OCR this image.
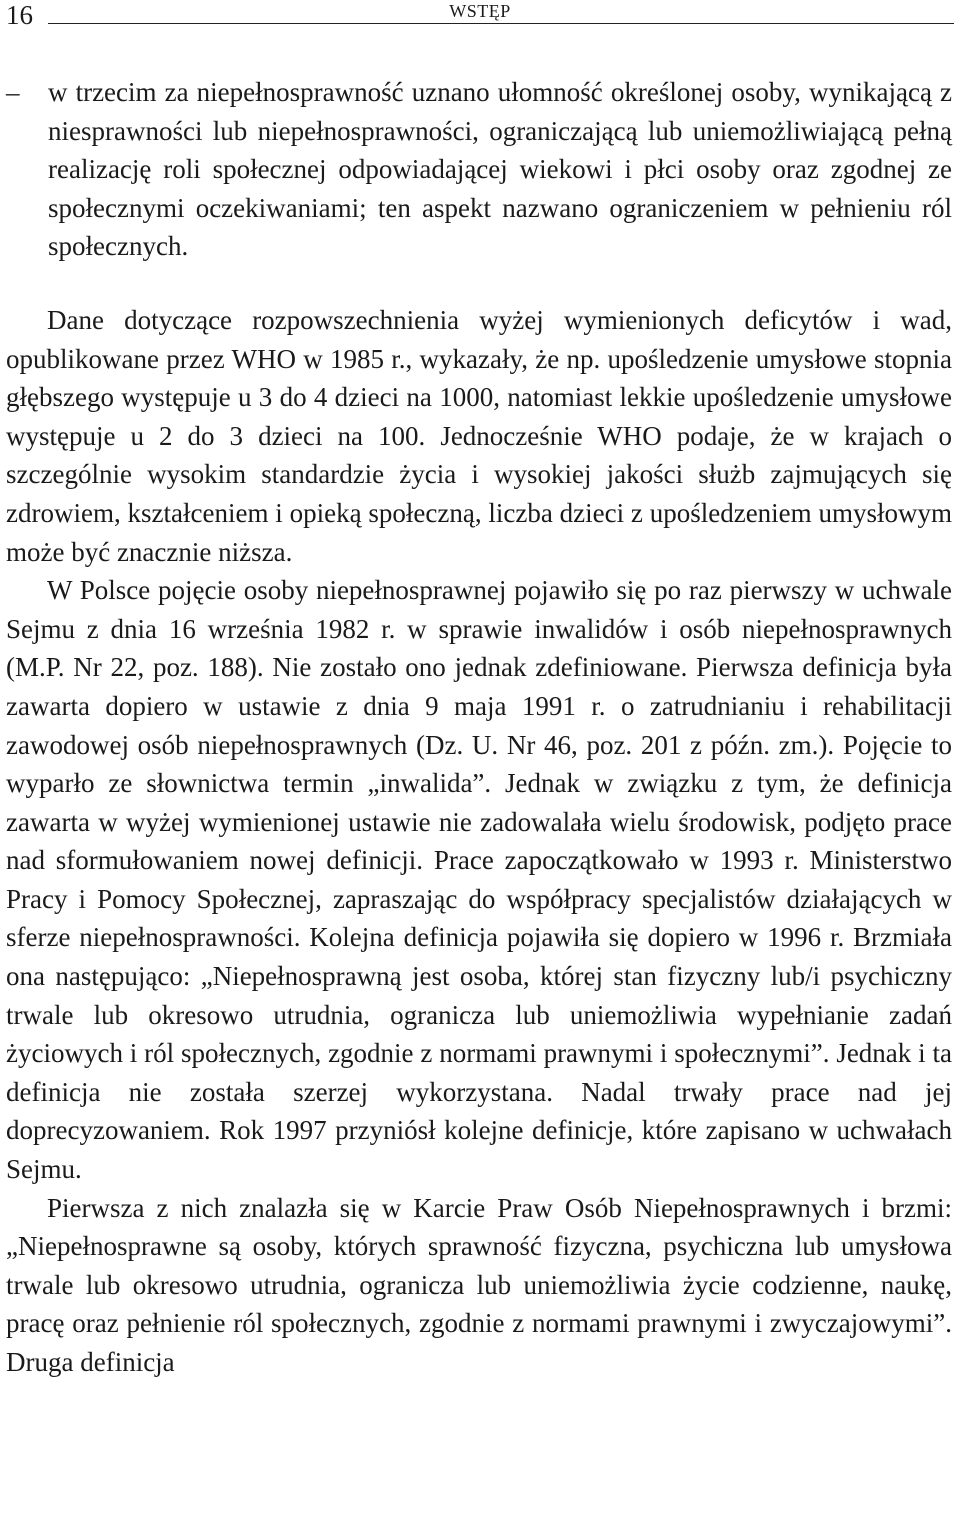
16	WSTĘP

– w trzecim za niepełnosprawność uznano ułomność określonej osoby, wynikającą z niesprawności lub niepełnosprawności, ograniczającą lub uniemożliwiającą pełną realizację roli społecznej odpowiadającej wiekowi i płci osoby oraz zgodnej ze społecznymi oczekiwaniami; ten aspekt nazwano ograniczeniem w pełnieniu ról społecznych.

Dane dotyczące rozpowszechnienia wyżej wymienionych deficytów i wad, opublikowane przez WHO w 1985 r., wykazały, że np. upośledzenie umysłowe stopnia głębszego występuje u 3 do 4 dzieci na 1000, natomiast lekkie upośledzenie umysłowe występuje u 2 do 3 dzieci na 100. Jednocześnie WHO podaje, że w krajach o szczególnie wysokim standardzie życia i wysokiej jakości służb zajmujących się zdrowiem, kształceniem i opieką społeczną, liczba dzieci z upośledzeniem umysłowym może być znacznie niższa.

W Polsce pojęcie osoby niepełnosprawnej pojawiło się po raz pierwszy w uchwale Sejmu z dnia 16 września 1982 r. w sprawie inwalidów i osób niepełnosprawnych (M.P. Nr 22, poz. 188). Nie zostało ono jednak zdefiniowane. Pierwsza definicja była zawarta dopiero w ustawie z dnia 9 maja 1991 r. o zatrudnianiu i rehabilitacji zawodowej osób niepełnosprawnych (Dz. U. Nr 46, poz. 201 z późn. zm.). Pojęcie to wyparło ze słownictwa termin „inwalida”. Jednak w związku z tym, że definicja zawarta w wyżej wymienionej ustawie nie zadowalała wielu środowisk, podjęto prace nad sformułowaniem nowej definicji. Prace zapoczątkowało w 1993 r. Ministerstwo Pracy i Pomocy Społecznej, zapraszając do współpracy specjalistów działających w sferze niepełnosprawności. Kolejna definicja pojawiła się dopiero w 1996 r. Brzmiała ona następująco: „Niepełnosprawną jest osoba, której stan fizyczny lub/i psychiczny trwale lub okresowo utrudnia, ogranicza lub uniemożliwia wypełnianie zadań życiowych i ról społecznych, zgodnie z normami prawnymi i społecznymi”. Jednak i ta definicja nie została szerzej wykorzystana. Nadal trwały prace nad jej doprecyzowaniem. Rok 1997 przyniósł kolejne definicje, które zapisano w uchwałach Sejmu.

Pierwsza z nich znalazła się w Karcie Praw Osób Niepełnosprawnych i brzmi: „Niepełnosprawne są osoby, których sprawność fizyczna, psychiczna lub umysłowa trwale lub okresowo utrudnia, ogranicza lub uniemożliwia życie codzienne, naukę, pracę oraz pełnienie ról społecznych, zgodnie z normami prawnymi i zwyczajowymi”. Druga definicja
